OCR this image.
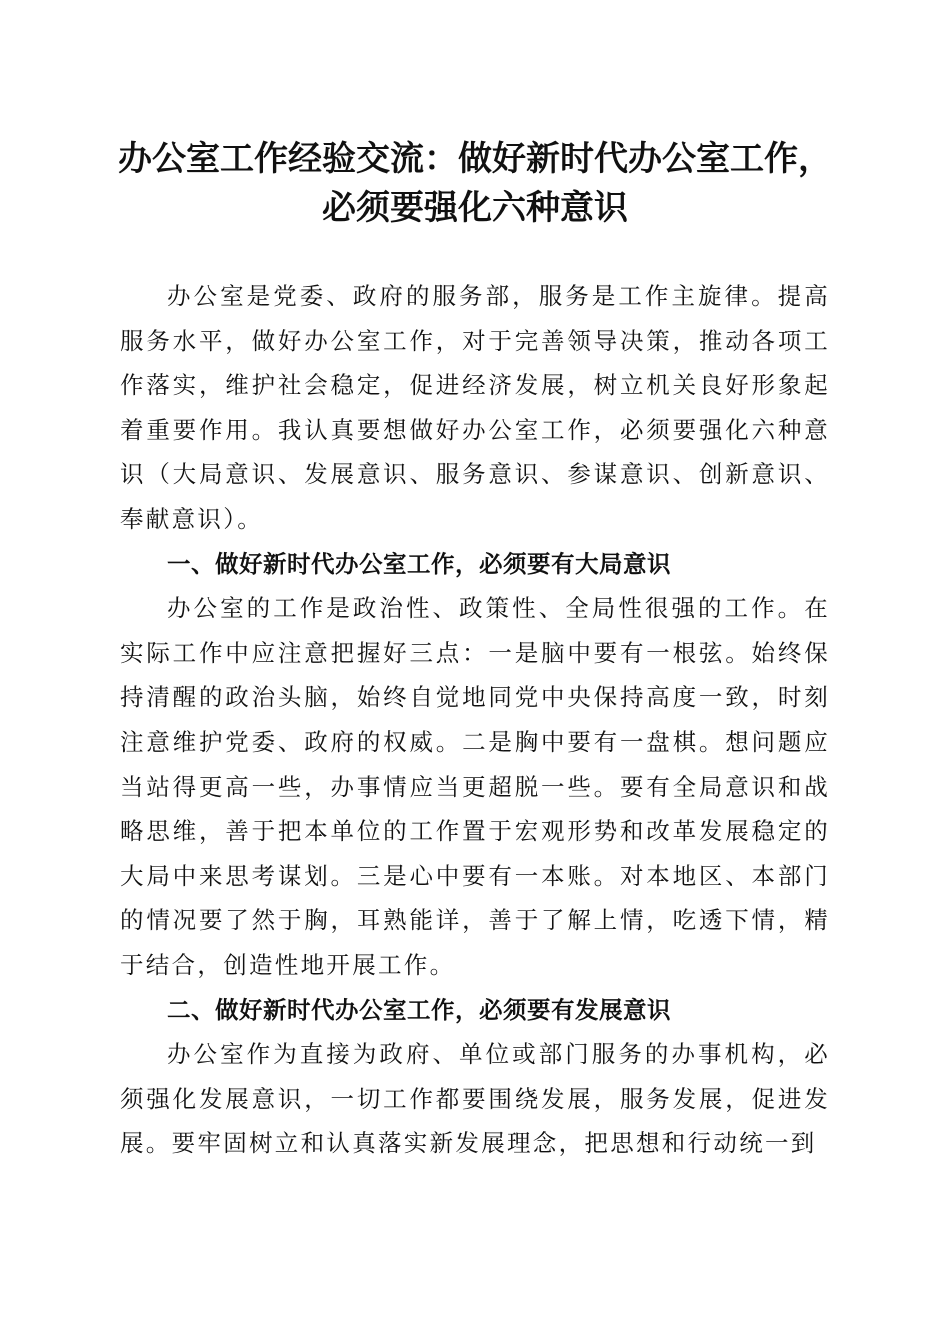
办公室工作经验交流：做好新时代办公室工作，
必须要强化六种意识

办公室是党委、政府的服务部，服务是工作主旋律。提高服务水平，做好办公室工作，对于完善领导决策，推动各项工作落实，维护社会稳定，促进经济发展，树立机关良好形象起着重要作用。我认真要想做好办公室工作，必须要强化六种意识（大局意识、发展意识、服务意识、参谋意识、创新意识、奉献意识）。

一、做好新时代办公室工作，必须要有大局意识

办公室的工作是政治性、政策性、全局性很强的工作。在实际工作中应注意把握好三点：一是脑中要有一根弦。始终保持清醒的政治头脑，始终自觉地同党中央保持高度一致，时刻注意维护党委、政府的权威。二是胸中要有一盘棋。想问题应当站得更高一些，办事情应当更超脱一些。要有全局意识和战略思维，善于把本单位的工作置于宏观形势和改革发展稳定的大局中来思考谋划。三是心中要有一本账。对本地区、本部门的情况要了然于胸，耳熟能详，善于了解上情，吃透下情，精于结合，创造性地开展工作。

二、做好新时代办公室工作，必须要有发展意识

办公室作为直接为政府、单位或部门服务的办事机构，必须强化发展意识，一切工作都要围绕发展，服务发展，促进发展。要牢固树立和认真落实新发展理念，把思想和行动统一到
